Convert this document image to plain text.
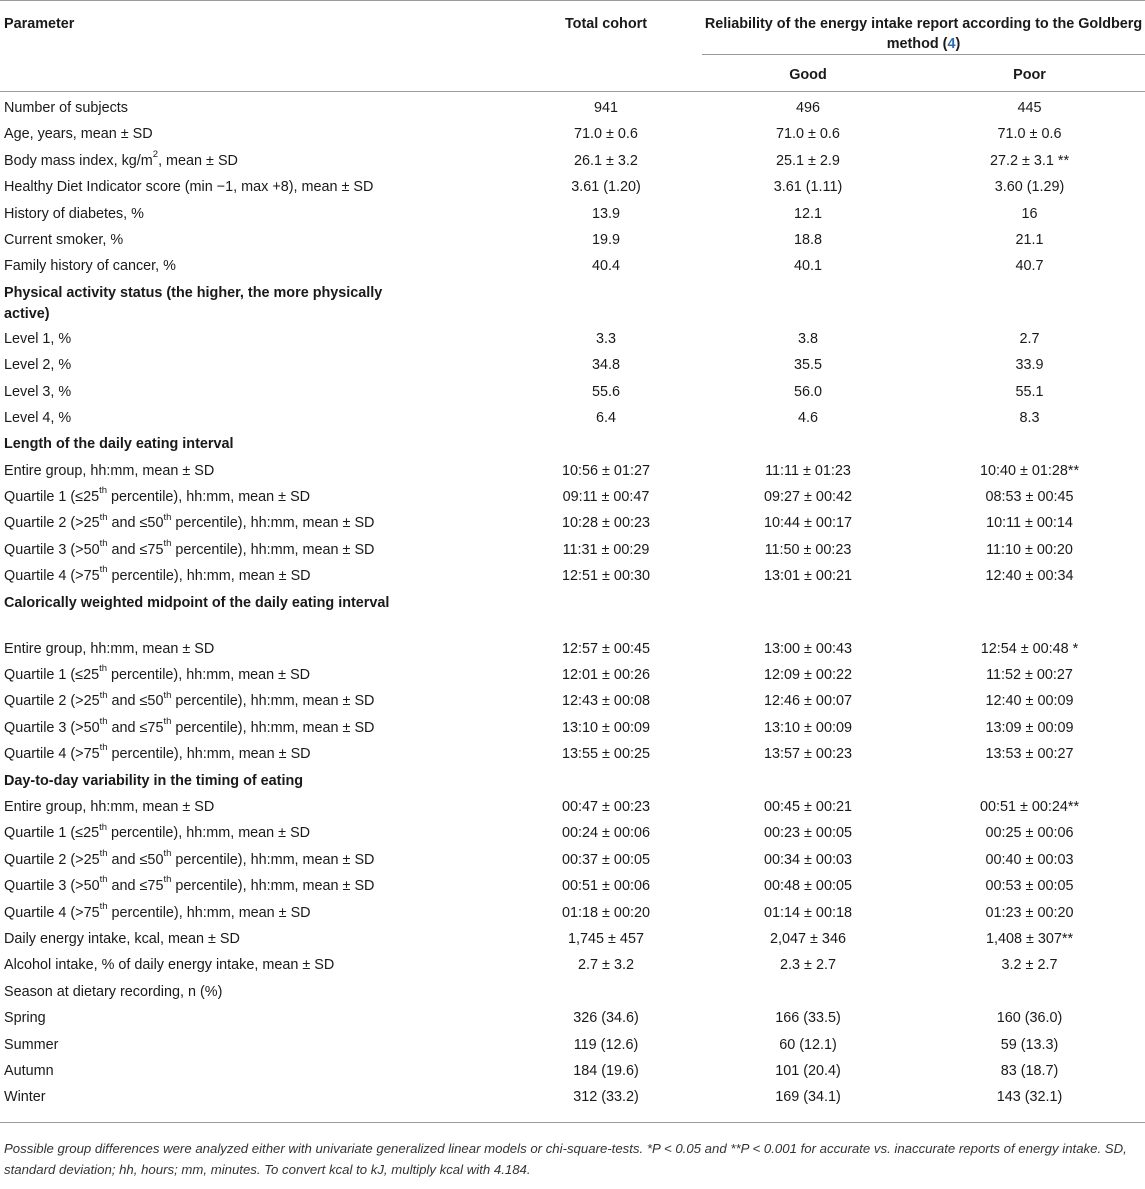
Parameter	Total cohort	Reliability of the energy intake report according to the Goldberg method (4)	
		Good	Poor
Number of subjects	941	496	445
Age, years, mean ± SD	71.0 ± 0.6	71.0 ± 0.6	71.0 ± 0.6
Body mass index, $kg/m^2$, mean ± SD	26.1 ± 3.2	25.1 ± 2.9	27.2 ± 3.1 **
Healthy Diet Indicator score (min −1, max +8), mean ± SD	3.61 (1.20)	3.61 (1.11)	3.60 (1.29)
History of diabetes, %	13.9	12.1	16
Current smoker, %	19.9	18.8	21.1
Family history of cancer, %	40.4	40.1	40.7
Physical activity status (the higher, the more physically active)			
Level 1, %	3.3	3.8	2.7
Level 2, %	34.8	35.5	33.9
Level 3, %	55.6	56.0	55.1
Level 4, %	6.4	4.6	8.3
Length of the daily eating interval			
Entire group, hh:mm, mean ± SD	10:56 ± 01:27	11:11 ± 01:23	10:40 ± 01:28**
Quartile 1 (≤25th percentile), hh:mm, mean ± SD	09:11 ± 00:47	09:27 ± 00:42	08:53 ± 00:45
Quartile 2 (>25th and ≤50th percentile), hh:mm, mean ± SD	10:28 ± 00:23	10:44 ± 00:17	10:11 ± 00:14
Quartile 3 (>50th and ≤75th percentile), hh:mm, mean ± SD	11:31 ± 00:29	11:50 ± 00:23	11:10 ± 00:20
Quartile 4 (>75th percentile), hh:mm, mean ± SD	12:51 ± 00:30	13:01 ± 00:21	12:40 ± 00:34
Calorically weighted midpoint of the daily eating interval			
Entire group, hh:mm, mean ± SD	12:57 ± 00:45	13:00 ± 00:43	12:54 ± 00:48 *
Quartile 1 (≤25th percentile), hh:mm, mean ± SD	12:01 ± 00:26	12:09 ± 00:22	11:52 ± 00:27
Quartile 2 (>25th and ≤50th percentile), hh:mm, mean ± SD	12:43 ± 00:08	12:46 ± 00:07	12:40 ± 00:09
Quartile 3 (>50th and ≤75th percentile), hh:mm, mean ± SD	13:10 ± 00:09	13:10 ± 00:09	13:09 ± 00:09
Quartile 4 (>75th percentile), hh:mm, mean ± SD	13:55 ± 00:25	13:57 ± 00:23	13:53 ± 00:27
Day-to-day variability in the timing of eating			
Entire group, hh:mm, mean ± SD	00:47 ± 00:23	00:45 ± 00:21	00:51 ± 00:24**
Quartile 1 (≤25th percentile), hh:mm, mean ± SD	00:24 ± 00:06	00:23 ± 00:05	00:25 ± 00:06
Quartile 2 (>25th and ≤50th percentile), hh:mm, mean ± SD	00:37 ± 00:05	00:34 ± 00:03	00:40 ± 00:03
Quartile 3 (>50th and ≤75th percentile), hh:mm, mean ± SD	00:51 ± 00:06	00:48 ± 00:05	00:53 ± 00:05
Quartile 4 (>75th percentile), hh:mm, mean ± SD	01:18 ± 00:20	01:14 ± 00:18	01:23 ± 00:20
Daily energy intake, kcal, mean ± SD	1,745 ± 457	2,047 ± 346	1,408 ± 307**
Alcohol intake, % of daily energy intake, mean ± SD	2.7 ± 3.2	2.3 ± 2.7	3.2 ± 2.7
Season at dietary recording, n (%)			
Spring	326 (34.6)	166 (33.5)	160 (36.0)
Summer	119 (12.6)	60 (12.1)	59 (13.3)
Autumn	184 (19.6)	101 (20.4)	83 (18.7)
Winter	312 (33.2)	169 (34.1)	143 (32.1)
Possible group differences were analyzed either with univariate generalized linear models or chi-square-tests. *P < 0.05 and **P < 0.001 for accurate vs. inaccurate reports of energy intake. SD, standard deviation; hh, hours; mm, minutes. To convert kcal to kJ, multiply kcal with 4.184.
